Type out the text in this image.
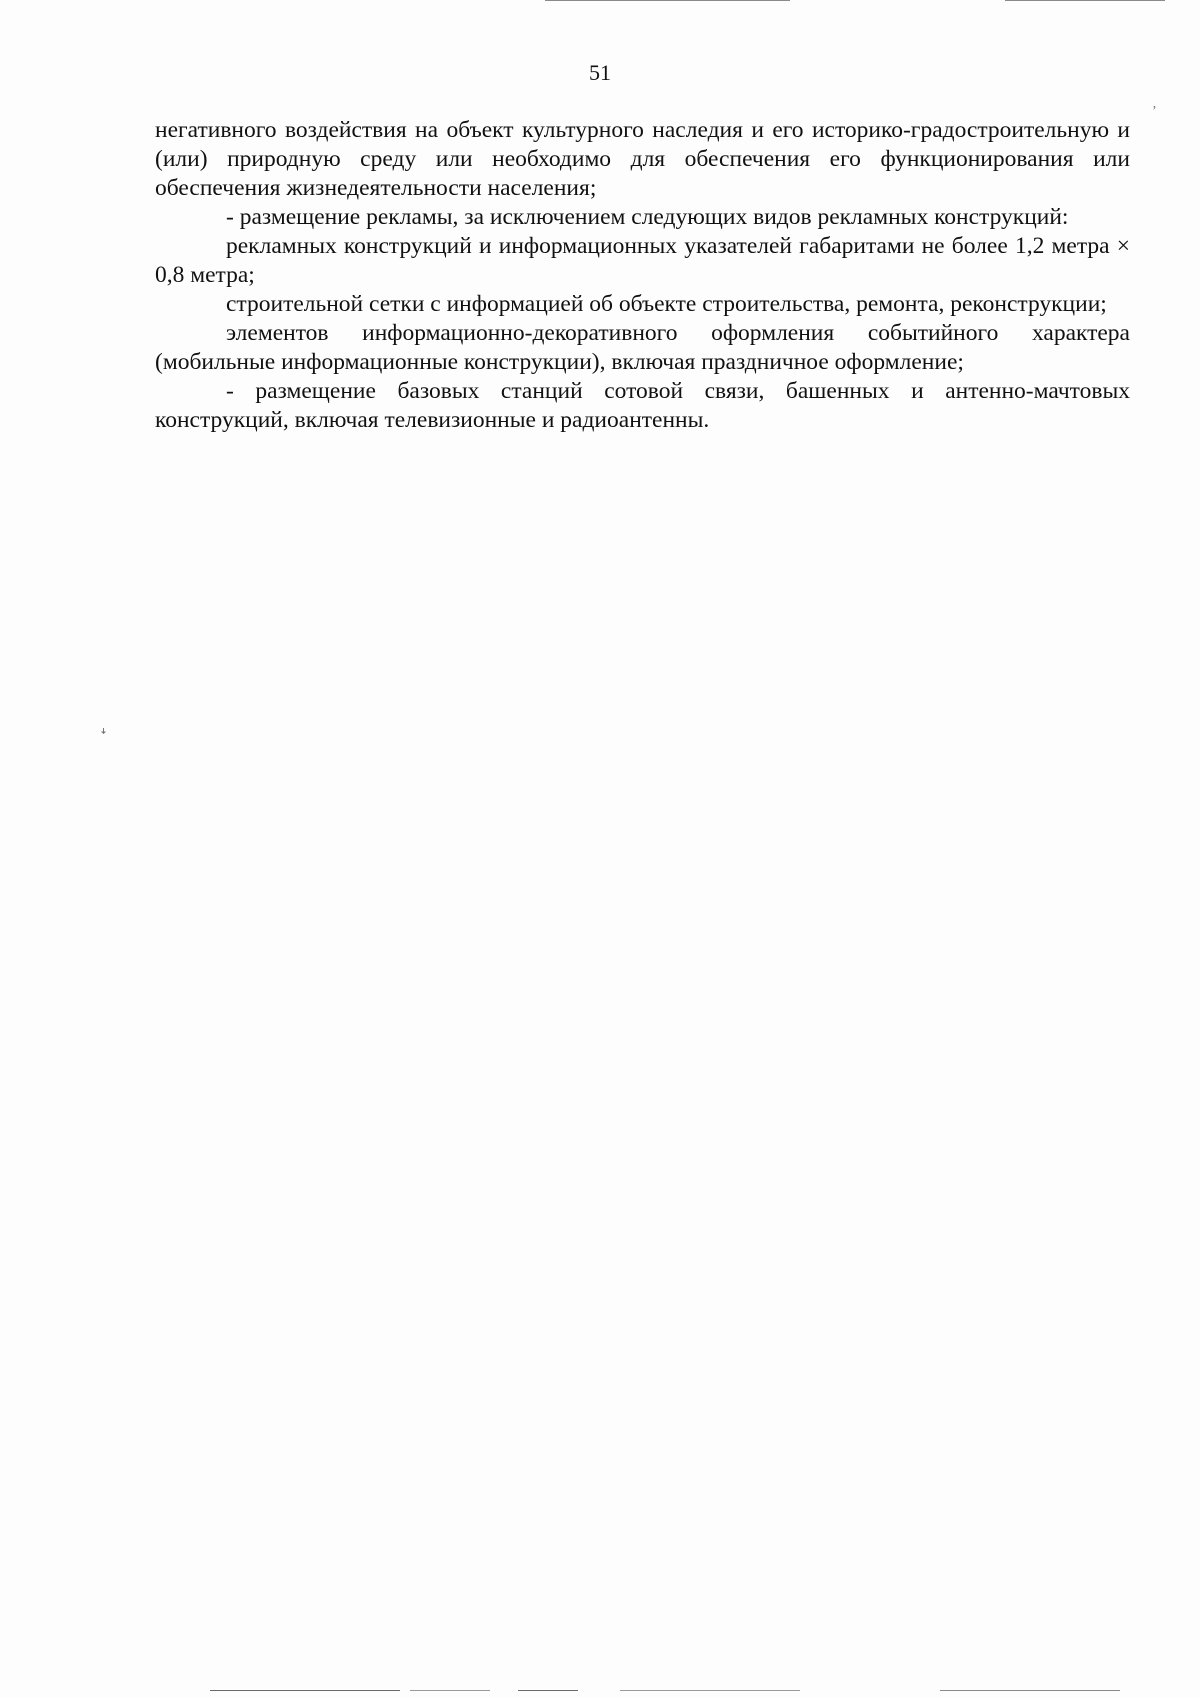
51

негативного воздействия на объект культурного наследия и его историко-градостроительную и (или) природную среду или необходимо для обеспечения его функционирования или обеспечения жизнедеятельности населения;

- размещение рекламы, за исключением следующих видов рекламных конструкций:

рекламных конструкций и информационных указателей габаритами не более 1,2 метра × 0,8 метра;

строительной сетки с информацией об объекте строительства, ремонта, реконструкции;

элементов информационно-декоративного оформления событийного характера (мобильные информационные конструкции), включая праздничное оформление;

- размещение базовых станций сотовой связи, башенных и антенно-мачтовых конструкций, включая телевизионные и радиоантенны.

ʼ
ꜜ
